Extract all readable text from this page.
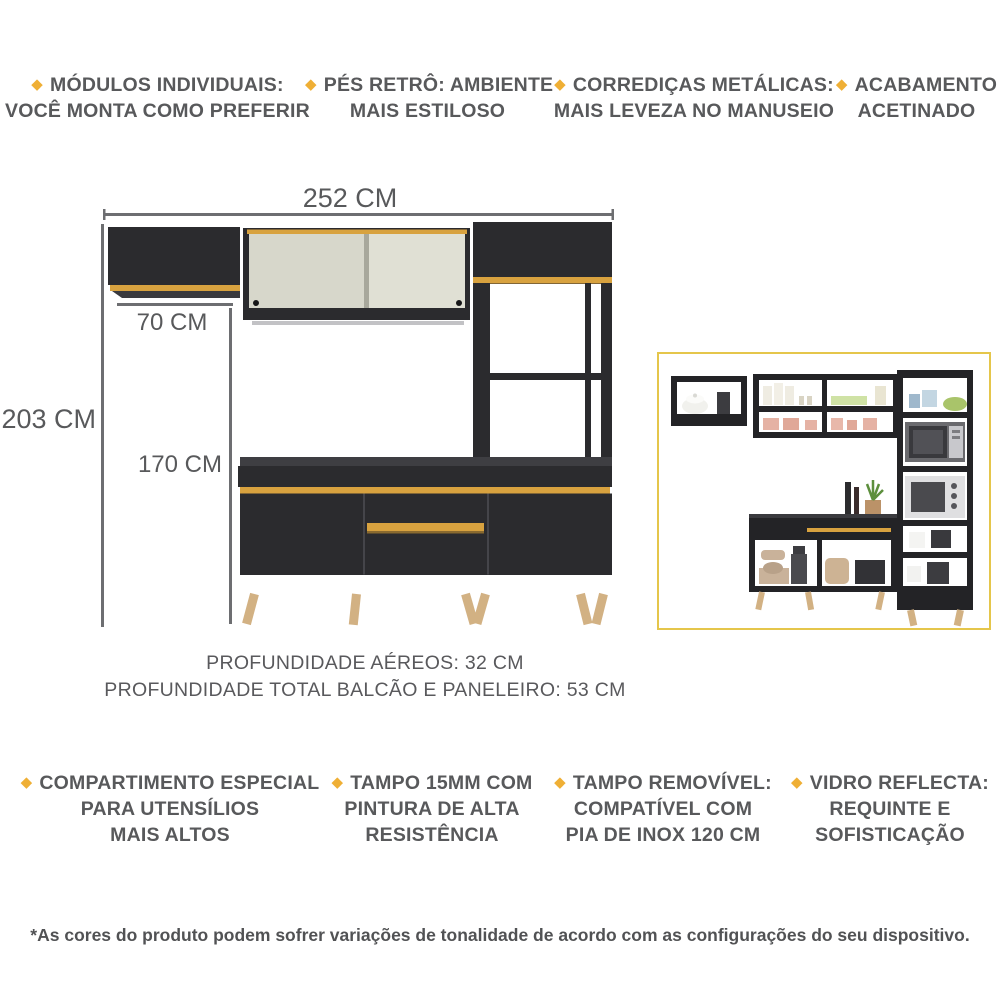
◆ MÓDULOS INDIVIDUAIS:
VOCÊ MONTA COMO PREFERIR
◆ PÉS RETRÔ: AMBIENTE
MAIS ESTILOSO
◆ CORREDIÇAS METÁLICAS:
MAIS LEVEZA NO MANUSEIO
◆ ACABAMENTO
ACETINADO
252 CM
203 CM
70 CM
170 CM
PROFUNDIDADE AÉREOS: 32 CM
PROFUNDIDADE TOTAL BALCÃO E PANELEIRO: 53 CM
◆ COMPARTIMENTO ESPECIAL
PARA UTENSÍLIOS
MAIS ALTOS
◆ TAMPO 15MM COM
PINTURA DE ALTA
RESISTÊNCIA
◆ TAMPO REMOVÍVEL:
COMPATÍVEL COM
PIA DE INOX 120 CM
◆ VIDRO REFLECTA:
REQUINTE E
SOFISTICAÇÃO
*As cores do produto podem sofrer variações de tonalidade de acordo com as configurações do seu dispositivo.
